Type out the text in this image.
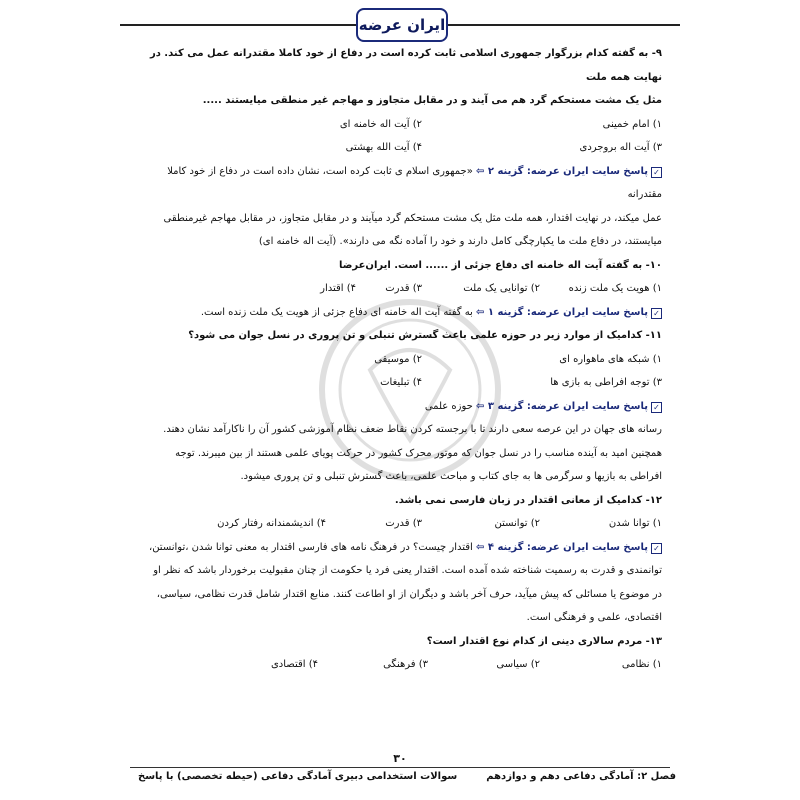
ایران عرضه
۹- به گفته کدام بزرگوار جمهوری اسلامی ثابت کرده است در دفاع از خود کاملا مقتدرانه عمل می کند. در نهایت همه ملت
مثل یک مشت مستحکم گرد هم می آیند و در مقابل متجاوز و مهاجم غیر منطقی میایستند .....
۱) امام خمینی
۲) آیت اله خامنه ای
۳) آیت اله بروجردی
۴) آیت الله بهشتی
✓پاسخ سایت ایران عرضه: گزینه ۲ ⇦ «جمهوری اسلام ی ثابت کرده است، نشان داده است در دفاع از خود کاملا مقتدرانه
عمل میکند، در نهایت اقتدار، همه ملت مثل یک مشت مستحکم گرد میآیند و در مقابل متجاوز، در مقابل مهاجم غیرمنطقی
میایستند، در دفاع ملت ما یکپارچگی کامل دارند و خود را آماده نگه می دارند». (آیت اله خامنه ای)
۱۰- به گفته آیت اله خامنه ای دفاع جزئی از ...... است. ایران‌عرضا
۱) هویت یک ملت زنده
۲) توانایی یک ملت
۳) قدرت
۴) اقتدار
✓پاسخ سایت ایران عرضه: گزینه ۱ ⇦ به گفته آیت اله خامنه ای دفاع جزئی از هویت یک ملت زنده است.
۱۱- کدامیک از موارد زیر در حوزه علمی باعث گسترش تنبلی و تن پروری در نسل جوان می شود؟
۱) شبکه های ماهواره ای
۲) موسیقی
۳) توجه افراطی به بازی ها
۴) تبلیغات
✓پاسخ سایت ایران عرضه: گزینه ۳ ⇦ حوزه علمی
رسانه های جهان در این عرصه سعی دارند تا با برجسته کردن نقاط ضعف نظام آموزشی کشور آن را ناکارآمد نشان دهند.
همچنین امید به آینده مناسب را در نسل جوان که موتور محرک کشور در حرکت پویای علمی هستند از بین میبرند. توجه
افراطی به بازیها و سرگرمی ها به جای کتاب و مباحث علمی، باعث گسترش تنبلی و تن پروری میشود.
۱۲- کدامیک از معانی اقتدار در زبان فارسی نمی باشد.
۱) توانا شدن
۲) توانستن
۳) قدرت
۴) اندیشمندانه رفتار کردن
✓پاسخ سایت ایران عرضه: گزینه ۴ ⇦ اقتدار چیست؟ در فرهنگ نامه های فارسی اقتدار به معنی توانا شدن ،توانستن،
توانمندی و قدرت به رسمیت شناخته شده آمده است. اقتدار یعنی فرد یا حکومت از چنان مقبولیت برخوردار باشد که نظر او
در موضوع یا مسائلی که پیش میآید، حرف آخر باشد و دیگران از او اطاعت کنند. منابع اقتدار شامل قدرت نظامی، سیاسی،
اقتصادی، علمی و فرهنگی است.
۱۳- مردم سالاری دینی از کدام نوع اقتدار است؟
۱) نظامی
۲) سیاسی
۳) فرهنگی
۴) اقتصادی
۳۰
فصل ۲: آمادگی دفاعی دهم و دوازدهم
سوالات استخدامی دبیری آمادگی دفاعی (حیطه تخصصی) با پاسخ
